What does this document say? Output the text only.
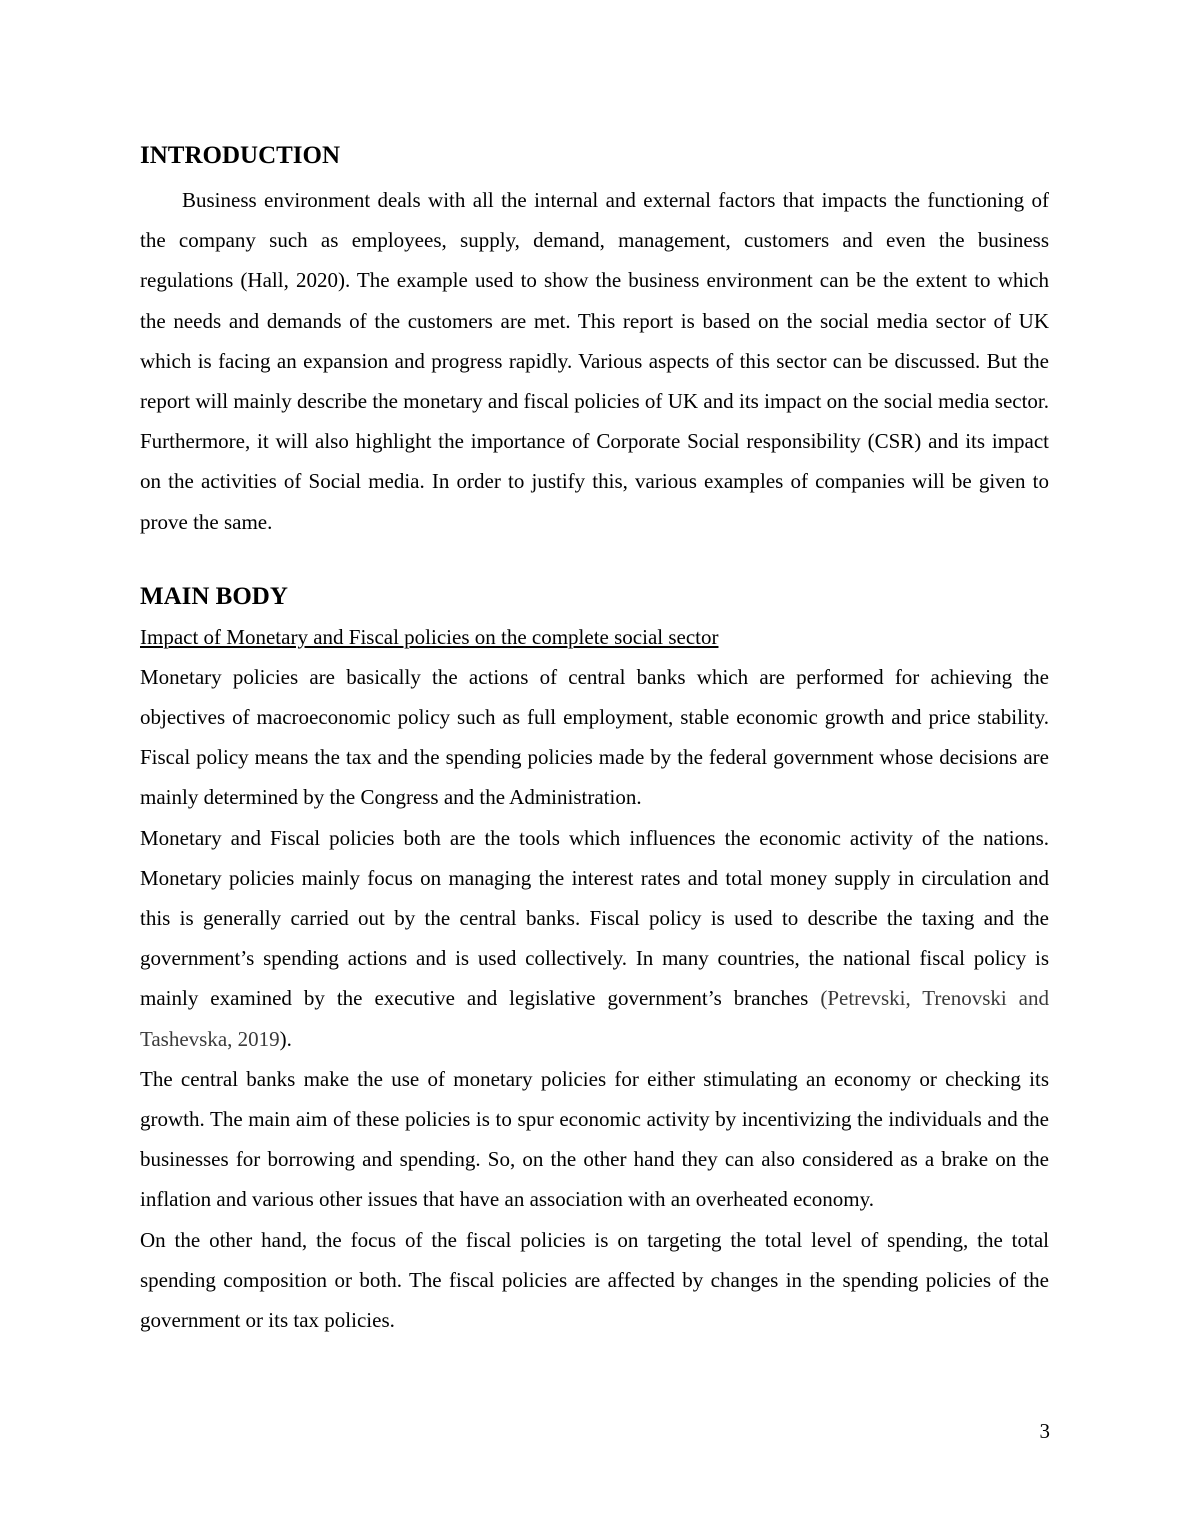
INTRODUCTION

Business environment deals with all the internal and external factors that impacts the functioning of the company such as employees, supply, demand, management, customers and even the business regulations (Hall, 2020). The example used to show the business environment can be the extent to which the needs and demands of the customers are met. This report is based on the social media sector of UK which is facing an expansion and progress rapidly. Various aspects of this sector can be discussed. But the report will mainly describe the monetary and fiscal policies of UK and its impact on the social media sector. Furthermore, it will also highlight the importance of Corporate Social responsibility (CSR) and its impact on the activities of Social media. In order to justify this, various examples of companies will be given to prove the same.

MAIN BODY
Impact of Monetary and Fiscal policies on the complete social sector

Monetary policies are basically the actions of central banks which are performed for achieving the objectives of macroeconomic policy such as full employment, stable economic growth and price stability. Fiscal policy means the tax and the spending policies made by the federal government whose decisions are mainly determined by the Congress and the Administration.

Monetary and Fiscal policies both are the tools which influences the economic activity of the nations. Monetary policies mainly focus on managing the interest rates and total money supply in circulation and this is generally carried out by the central banks. Fiscal policy is used to describe the taxing and the government’s spending actions and is used collectively. In many countries, the national fiscal policy is mainly examined by the executive and legislative government’s branches (Petrevski, Trenovski and Tashevska, 2019).

The central banks make the use of monetary policies for either stimulating an economy or checking its growth. The main aim of these policies is to spur economic activity by incentivizing the individuals and the businesses for borrowing and spending. So, on the other hand they can also considered as a brake on the inflation and various other issues that have an association with an overheated economy.

On the other hand, the focus of the fiscal policies is on targeting the total level of spending, the total spending composition or both. The fiscal policies are affected by changes in the spending policies of the government or its tax policies.

3
